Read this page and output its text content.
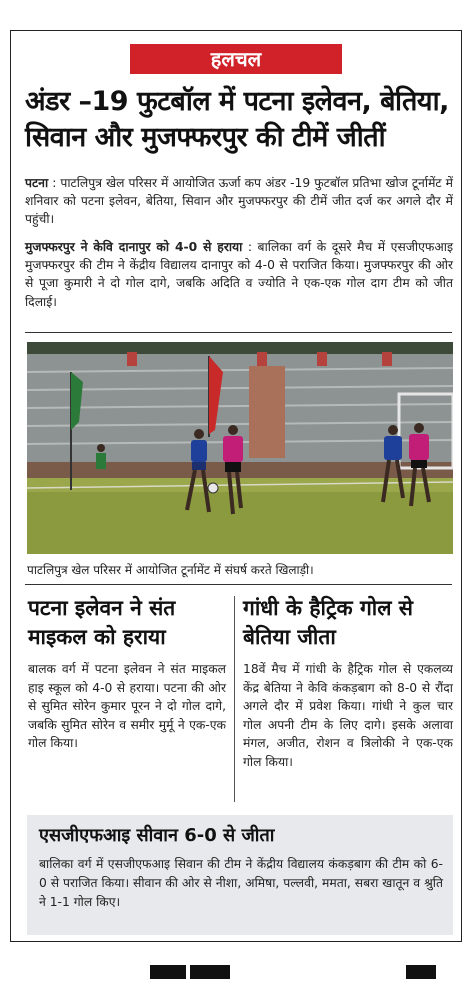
हलचल
अंडर –19 फुटबॉल में पटना इलेवन, बेतिया, सिवान और मुजफ्फरपुर की टीमें जीतीं
पटना : पाटलिपुत्र खेल परिसर में आयोजित ऊर्जा कप अंडर -19 फुटबॉल प्रतिभा खोज टूर्नामेंट में शनिवार को पटना इलेवन, बेतिया, सिवान और मुजफ्फरपुर की टीमें जीत दर्ज कर अगले दौर में पहुंची।
मुजफ्फरपुर ने केवि दानापुर को 4-0 से हराया : बालिका वर्ग के दूसरे मैच में एसजीएफआइ मुजफ्फरपुर की टीम ने केंद्रीय विद्यालय दानापुर को 4-0 से पराजित किया। मुजफ्फरपुर की ओर से पूजा कुमारी ने दो गोल दागे, जबकि अदिति व ज्योति ने एक-एक गोल दाग टीम को जीत दिलाई।
पाटलिपुत्र खेल परिसर में आयोजित टूर्नामेंट में संघर्ष करते खिलाड़ी।
पटना इलेवन ने संत माइकल को हराया
बालक वर्ग में पटना इलेवन ने संत माइकल हाइ स्कूल को 4-0 से हराया। पटना की ओर से सुमित सोरेन कुमार पूरन ने दो गोल दागे, जबकि सुमित सोरेन व समीर मुर्मू ने एक-एक गोल किया।
गांधी के हैट्रिक गोल से बेतिया जीता
18वें मैच में गांधी के हैट्रिक गोल से एकलव्य केंद्र बेतिया ने केवि कंकड़बाग को 8-0 से रौंदा अगले दौर में प्रवेश किया। गांधी ने कुल चार गोल अपनी टीम के लिए दागे। इसके अलावा मंगल, अजीत, रोशन व त्रिलोकी ने एक-एक गोल किया।
एसजीएफआइ सीवान 6-0 से जीता
बालिका वर्ग में एसजीएफआइ सिवान की टीम ने केंद्रीय विद्यालय कंकड़बाग की टीम को 6-0 से पराजित किया। सीवान की ओर से नीशा, अमिषा, पल्लवी, ममता, सबरा खातून व श्रुति ने 1-1 गोल किए।
